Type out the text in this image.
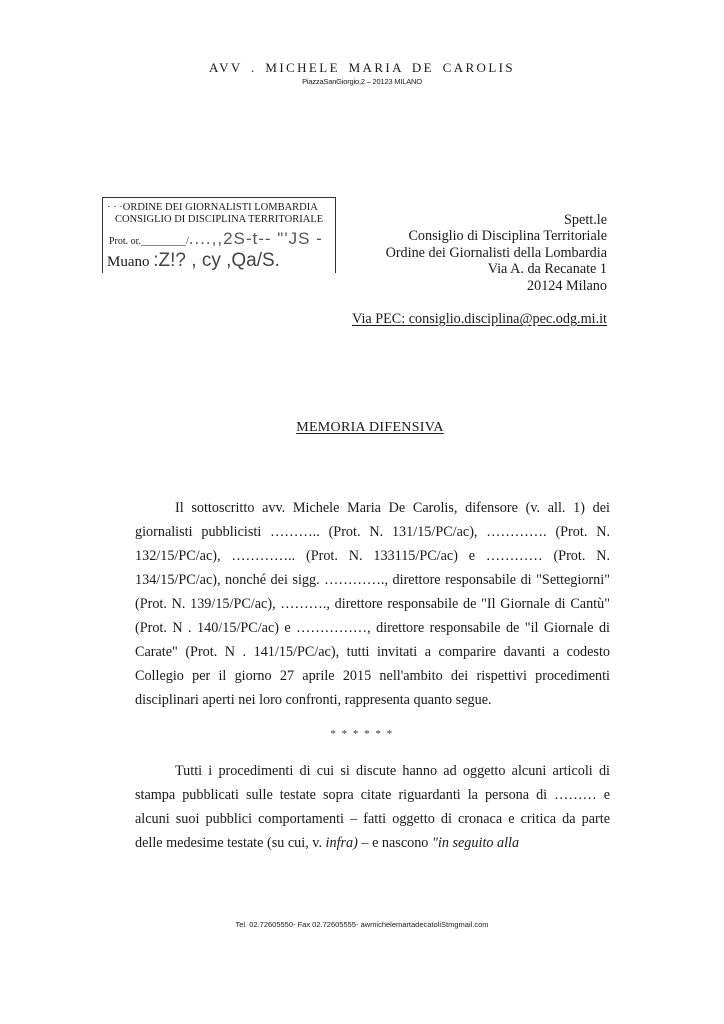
AVV . MICHELE MARIA DE CAROLIS
PiazzaSanGiorgio,2 – 20123 MILANO
· · ·ORDINE DEI GIORNALISTI LOMBARDIA
CONSIGLIO DI DISCIPLINA TERRITORIALE
Prot. or._________/....,,2S-t-- "'JS -
Muano :Z!? , cy ,Qa/S.
Spett.le
Consiglio di Disciplina Territoriale
Ordine dei Giornalisti della Lombardia
Via A. da Recanate 1
20124 Milano
Via PEC: consiglio.disciplina@pec.odg.mi.it
MEMORIA DIFENSIVA

Il sottoscritto avv. Michele Maria De Carolis, difensore (v. all. 1) dei giornalisti pubblicisti ……….. (Prot. N. 131/15/PC/ac), …………. (Prot. N. 132/15/PC/ac), ………….. (Prot. N. 133115/PC/ac) e ………… (Prot. N. 134/15/PC/ac), nonché dei sigg. …………., direttore responsabile di "Settegiorni" (Prot. N. 139/15/PC/ac), ………., direttore responsabile de "Il Giornale di Cantù" (Prot. N . 140/15/PC/ac) e ……………, direttore responsabile de "il Giornale di Carate" (Prot. N . 141/15/PC/ac), tutti invitati a comparire davanti a codesto Collegio per il giorno 27 aprile 2015 nell'ambito dei rispettivi procedimenti disciplinari aperti nei loro confronti, rappresenta quanto segue.

* * * * * *

Tutti i procedimenti di cui si discute hanno ad oggetto alcuni articoli di stampa pubblicati sulle testate sopra citate riguardanti la persona di ……… e alcuni suoi pubblici comportamenti – fatti oggetto di cronaca e critica da parte delle medesime testate (su cui, v. infra) – e nascono "in seguito alla

Tel. 02.72605550- Fax 02.72605555- awmichelemartadecatoliStmgmail.com
